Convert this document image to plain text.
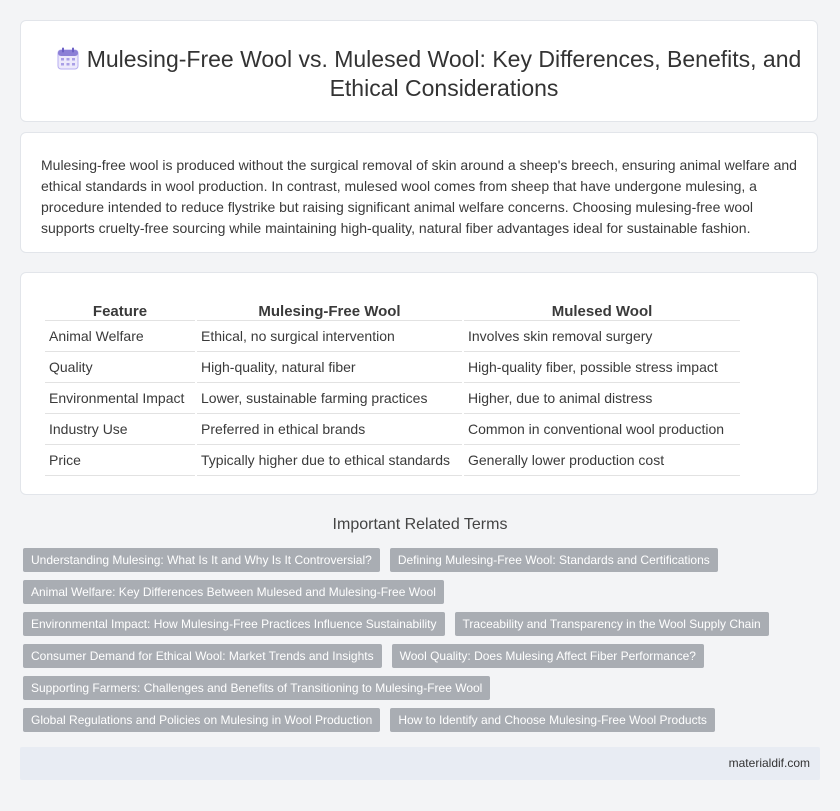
Mulesing-Free Wool vs. Mulesed Wool: Key Differences, Benefits, and Ethical Considerations

Mulesing-free wool is produced without the surgical removal of skin around a sheep's breech, ensuring animal welfare and ethical standards in wool production. In contrast, mulesed wool comes from sheep that have undergone mulesing, a procedure intended to reduce flystrike but raising significant animal welfare concerns. Choosing mulesing-free wool supports cruelty-free sourcing while maintaining high-quality, natural fiber advantages ideal for sustainable fashion.

Feature	Mulesing-Free Wool	Mulesed Wool
Animal Welfare	Ethical, no surgical intervention	Involves skin removal surgery
Quality	High-quality, natural fiber	High-quality fiber, possible stress impact
Environmental Impact	Lower, sustainable farming practices	Higher, due to animal distress
Industry Use	Preferred in ethical brands	Common in conventional wool production
Price	Typically higher due to ethical standards	Generally lower production cost
Important Related Terms
Understanding Mulesing: What Is It and Why Is It Controversial?	Defining Mulesing-Free Wool: Standards and Certifications
Animal Welfare: Key Differences Between Mulesed and Mulesing-Free Wool
Environmental Impact: How Mulesing-Free Practices Influence Sustainability	Traceability and Transparency in the Wool Supply Chain
Consumer Demand for Ethical Wool: Market Trends and Insights	Wool Quality: Does Mulesing Affect Fiber Performance?
Supporting Farmers: Challenges and Benefits of Transitioning to Mulesing-Free Wool
Global Regulations and Policies on Mulesing in Wool Production	How to Identify and Choose Mulesing-Free Wool Products
materialdif.com
